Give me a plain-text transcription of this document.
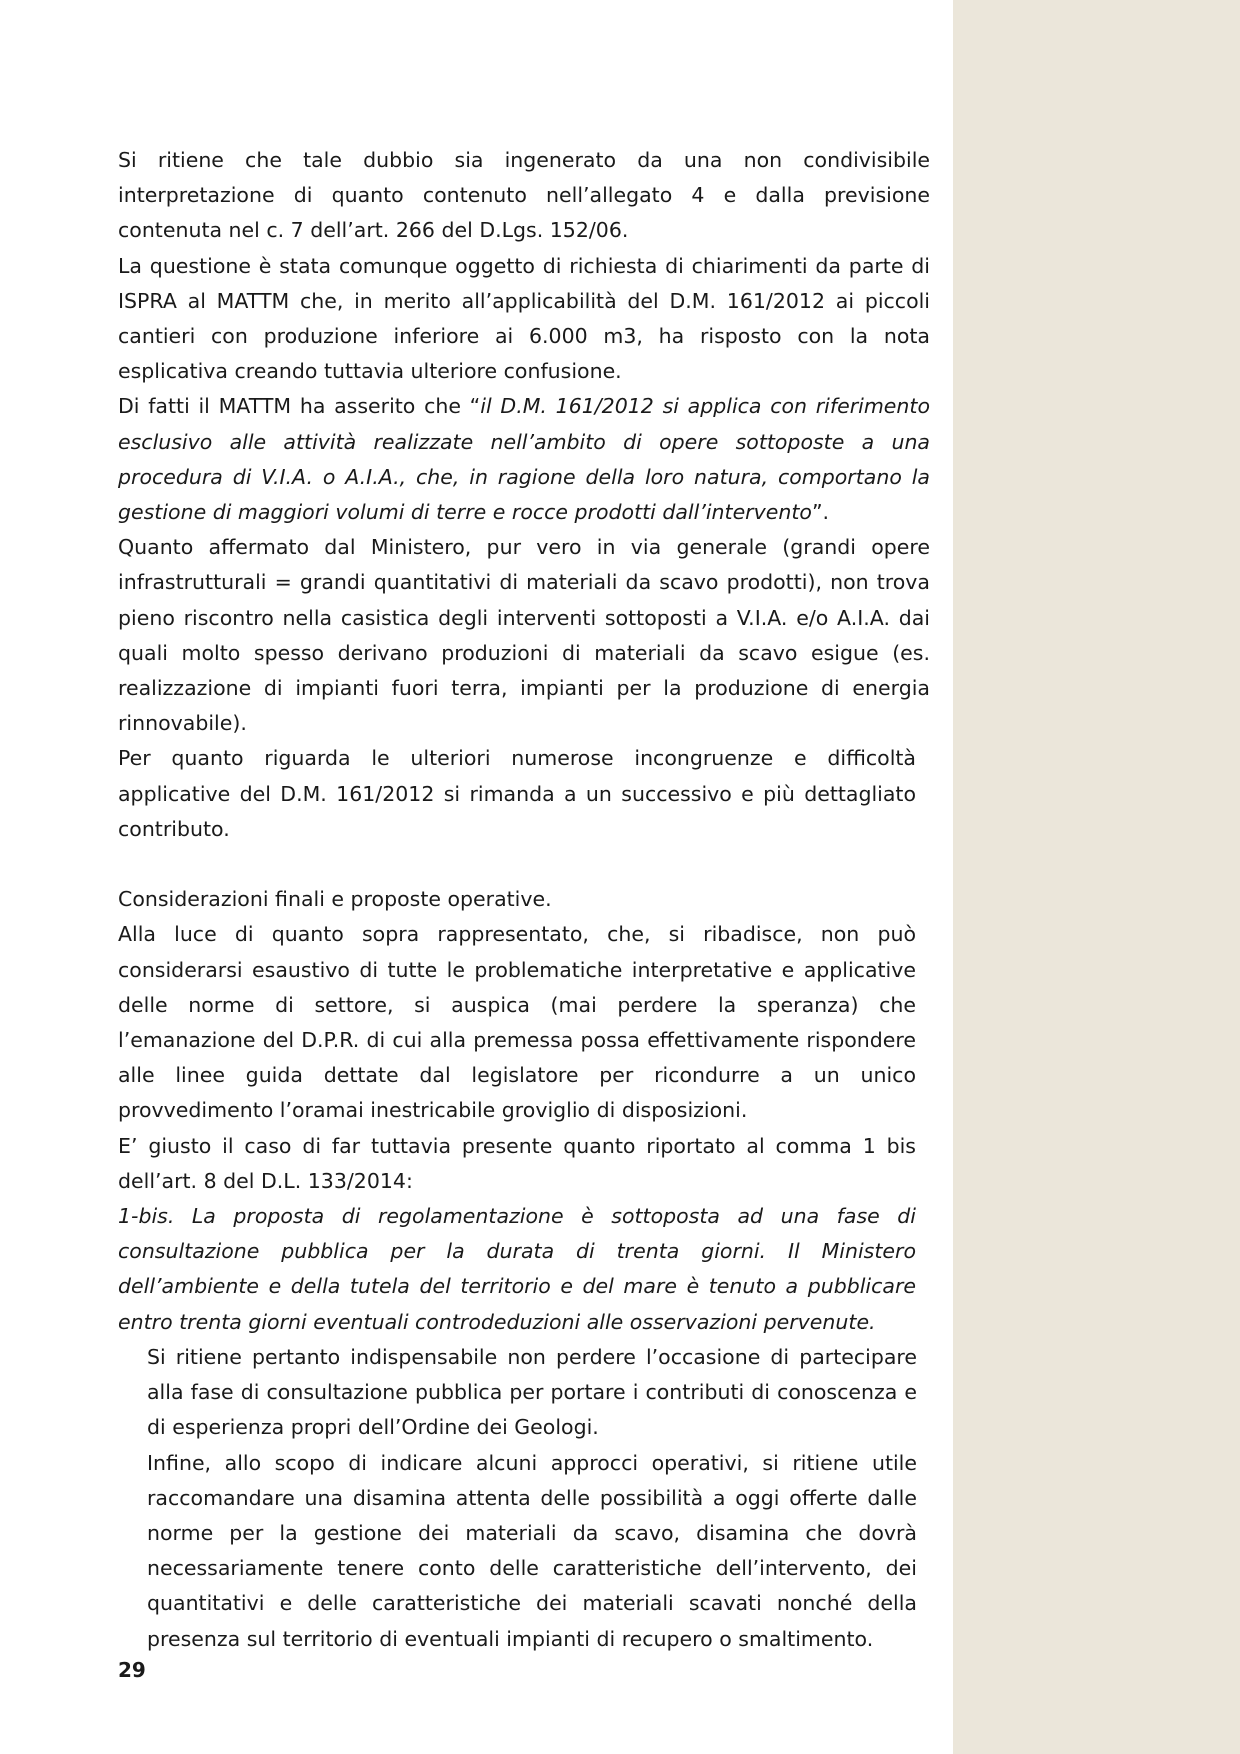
Si ritiene che tale dubbio sia ingenerato da una non condivisibile interpretazione di quanto contenuto nell’allegato 4 e dalla previsione contenuta nel c. 7 dell’art. 266 del D.Lgs. 152/06.

La questione è stata comunque oggetto di richiesta di chiarimenti da parte di ISPRA al MATTM che, in merito all’applicabilità del D.M. 161/2012 ai piccoli cantieri con produzione inferiore ai 6.000 m3, ha risposto con la nota esplicativa creando tuttavia ulteriore confusione.

Di fatti il MATTM ha asserito che “il D.M. 161/2012 si applica con riferimento esclusivo alle attività realizzate nell’ambito di opere sottoposte a una procedura di V.I.A. o A.I.A., che, in ragione della loro natura, comportano la gestione di maggiori volumi di terre e rocce prodotti dall’intervento”.

Quanto affermato dal Ministero, pur vero in via generale (grandi opere infrastrutturali = grandi quantitativi di materiali da scavo prodotti), non trova pieno riscontro nella casistica degli interventi sottoposti a V.I.A. e/o A.I.A. dai quali molto spesso derivano produzioni di materiali da scavo esigue (es. realizzazione di impianti fuori terra, impianti per la produzione di energia rinnovabile).

Per quanto riguarda le ulteriori numerose incongruenze e difficoltà applicative del D.M. 161/2012 si rimanda a un successivo e più dettagliato contributo.

Considerazioni finali e proposte operative.

Alla luce di quanto sopra rappresentato, che, si ribadisce, non può considerarsi esaustivo di tutte le problematiche interpretative e applicative delle norme di settore, si auspica (mai perdere la speranza) che l’emanazione del D.P.R. di cui alla premessa possa effettivamente rispondere alle linee guida dettate dal legislatore per ricondurre a un unico provvedimento l’oramai inestricabile groviglio di disposizioni.

E’ giusto il caso di far tuttavia presente quanto riportato al comma 1 bis dell’art. 8 del D.L. 133/2014:

1-bis. La proposta di regolamentazione è sottoposta ad una fase di consultazione pubblica per la durata di trenta giorni. Il Ministero dell’ambiente e della tutela del territorio e del mare è tenuto a pubblicare entro trenta giorni eventuali controdeduzioni alle osservazioni pervenute.

Si ritiene pertanto indispensabile non perdere l’occasione di partecipare alla fase di consultazione pubblica per portare i contributi di conoscenza e di esperienza propri dell’Ordine dei Geologi.

Infine, allo scopo di indicare alcuni approcci operativi, si ritiene utile raccomandare una disamina attenta delle possibilità a oggi offerte dalle norme per la gestione dei materiali da scavo, disamina che dovrà necessariamente tenere conto delle caratteristiche dell’intervento, dei quantitativi e delle caratteristiche dei materiali scavati nonché della presenza sul territorio di eventuali impianti di recupero o smaltimento.

29
